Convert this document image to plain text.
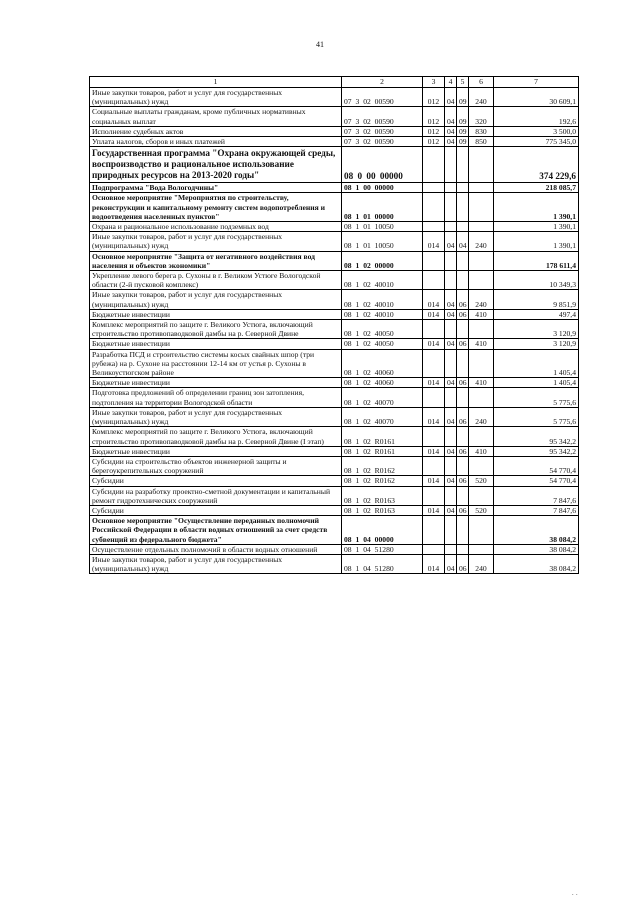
41
1	2	3	4	5	6	7
Иные закупки товаров, работ и услуг для государственных (муниципальных) нужд	07 3 02 00590	012	04	09	240	30 609,1
Социальные выплаты гражданам, кроме публичных нормативных социальных выплат	07 3 02 00590	012	04	09	320	192,6
Исполнение судебных актов	07 3 02 00590	012	04	09	830	3 500,0
Уплата налогов, сборов и иных платежей	07 3 02 00590	012	04	09	850	775 345,0
Государственная программа "Охрана окружающей среды, воспроизводство и рациональное использование природных ресурсов на 2013-2020 годы"	08 0 00 00000					374 229,6
Подпрограмма "Вода Вологодчины"	08 1 00 00000					218 085,7
Основное мероприятие "Мероприятия по строительству, реконструкции и капитальному ремонту систем водопотребления и водоотведения населенных пунктов"	08 1 01 00000					1 390,1
Охрана и рациональное использование подземных вод	08 1 01 10050					1 390,1
Иные закупки товаров, работ и услуг для государственных (муниципальных) нужд	08 1 01 10050	014	04	04	240	1 390,1
Основное мероприятие "Защита от негативного воздействия вод населения и объектов экономики"	08 1 02 00000					178 611,4
Укрепление левого берега р. Сухоны в г. Великом Устюге Вологодской области (2-й пусковой комплекс)	08 1 02 40010					10 349,3
Иные закупки товаров, работ и услуг для государственных (муниципальных) нужд	08 1 02 40010	014	04	06	240	9 851,9
Бюджетные инвестиции	08 1 02 40010	014	04	06	410	497,4
Комплекс мероприятий по защите г. Великого Устюга, включающий строительство противопаводковой дамбы на р. Северной Двине	08 1 02 40050					3 120,9
Бюджетные инвестиции	08 1 02 40050	014	04	06	410	3 120,9
Разработка ПСД и строительство системы косых свайных шпор (три рубежа) на р. Сухоне на расстоянии 12-14 км от устья р. Сухоны в Великоустюгском районе	08 1 02 40060					1 405,4
Бюджетные инвестиции	08 1 02 40060	014	04	06	410	1 405,4
Подготовка предложений об определении границ зон затопления, подтопления на территории Вологодской области	08 1 02 40070					5 775,6
Иные закупки товаров, работ и услуг для государственных (муниципальных) нужд	08 1 02 40070	014	04	06	240	5 775,6
Комплекс мероприятий по защите г. Великого Устюга, включающий строительство противопаводковой дамбы на р. Северной Двине (I этап)	08 1 02 R0161					95 342,2
Бюджетные инвестиции	08 1 02 R0161	014	04	06	410	95 342,2
Субсидии на строительство объектов инженерной защиты и берегоукрепительных сооружений	08 1 02 R0162					54 770,4
Субсидии	08 1 02 R0162	014	04	06	520	54 770,4
Субсидии на разработку проектно-сметной документации и капитальный ремонт гидротехнических сооружений	08 1 02 R0163					7 847,6
Субсидии	08 1 02 R0163	014	04	06	520	7 847,6
Основное мероприятие "Осуществление переданных полномочий Российской Федерации в области водных отношений за счет средств субвенций из федерального бюджета"	08 1 04 00000					38 084,2
Осуществление отдельных полномочий в области водных отношений	08 1 04 51280					38 084,2
Иные закупки товаров, работ и услуг для государственных (муниципальных) нужд	08 1 04 51280	014	04	06	240	38 084,2
· ·
